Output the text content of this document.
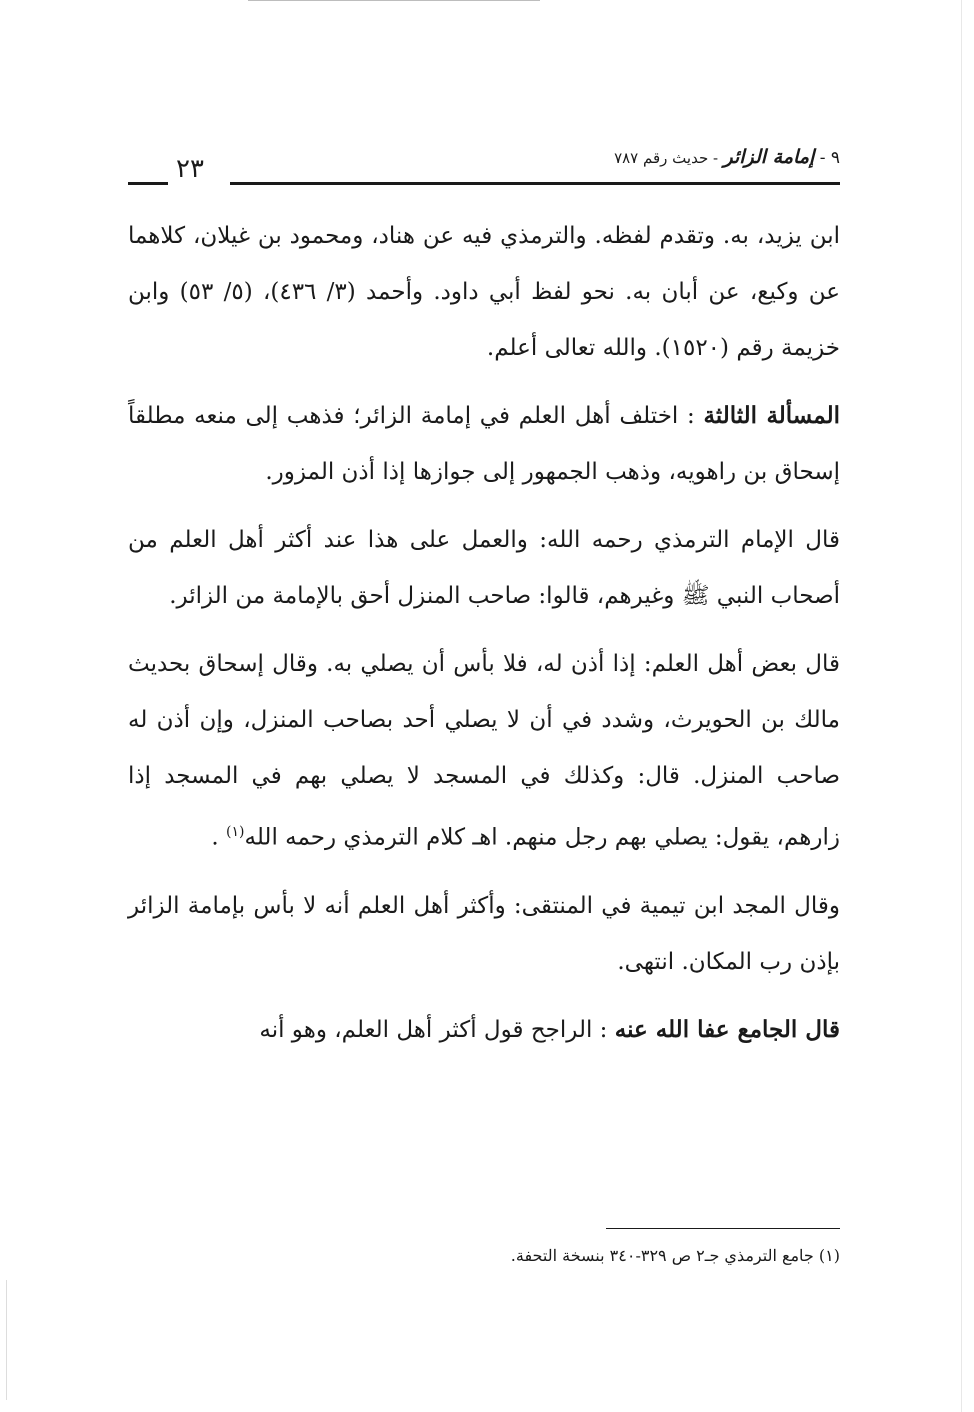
٩ - إمامة الزائر - حديث رقم ٧٨٧
٢٣

ابن يزيد، به. وتقدم لفظه. والترمذي فيه عن هناد، ومحمود بن غيلان، كلاهما عن وكيع، عن أبان به. نحو لفظ أبي داود. وأحمد (٣/ ٤٣٦)، (٥/ ٥٣) وابن خزيمة رقم (١٥٢٠). والله تعالى أعلم.

المسألة الثالثة : اختلف أهل العلم في إمامة الزائر؛ فذهب إلى منعه مطلقاً إسحاق بن راهويه، وذهب الجمهور إلى جوازها إذا أذن المزور.

قال الإمام الترمذي رحمه الله: والعمل على هذا عند أكثر أهل العلم من أصحاب النبي ﷺ وغيرهم، قالوا: صاحب المنزل أحق بالإمامة من الزائر.

قال بعض أهل العلم: إذا أذن له، فلا بأس أن يصلي به. وقال إسحاق بحديث مالك بن الحويرث، وشدد في أن لا يصلي أحد بصاحب المنزل، وإن أذن له صاحب المنزل. قال: وكذلك في المسجد لا يصلي بهم في المسجد إذا زارهم، يقول: يصلي بهم رجل منهم. اهـ كلام الترمذي رحمه الله$^{(١)}$ .

وقال المجد ابن تيمية في المنتقى: وأكثر أهل العلم أنه لا بأس بإمامة الزائر بإذن رب المكان. انتهى.

قال الجامع عفا الله عنه : الراجح قول أكثر أهل العلم، وهو أنه

(١) جامع الترمذي جـ٢ ص ٣٢٩-٣٤٠ بنسخة التحفة.
